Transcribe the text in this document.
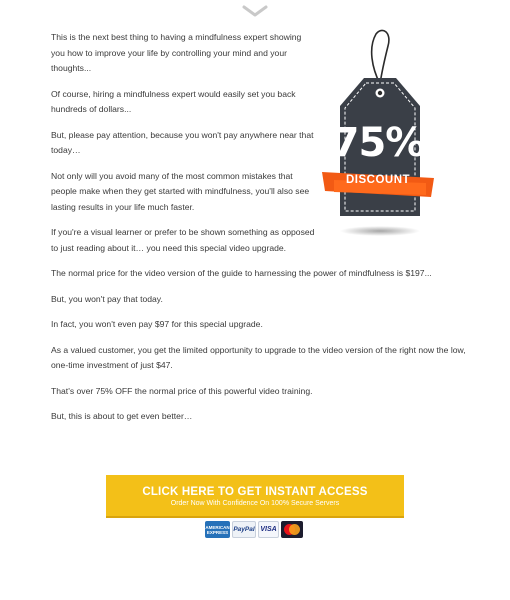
This is the next best thing to having a mindfulness expert showing you how to improve your life by controlling your mind and your thoughts...

Of course, hiring a mindfulness expert would easily set you back hundreds of dollars...

But, please pay attention, because you won't pay anywhere near that today…

Not only will you avoid many of the most common mistakes that people make when they get started with mindfulness, you'll also see lasting results in your life much faster.

If you're a visual learner or prefer to be shown something as opposed to just reading about it… you need this special video upgrade.

The normal price for the video version of the guide to harnessing the power of mindfulness is $197...

But, you won't pay that today.

In fact, you won't even pay $97 for this special upgrade.

As a valued customer, you get the limited opportunity to upgrade to the video version of the right now the low, one-time investment of just $47.

That's over 75% OFF the normal price of this powerful video training.

But, this is about to get even better…

75%
DISCOUNT
CLICK HERE TO GET INSTANT ACCESS
Order Now With Confidence On 100% Secure Servers
AMERICAN EXPRESS PayPal VISA
